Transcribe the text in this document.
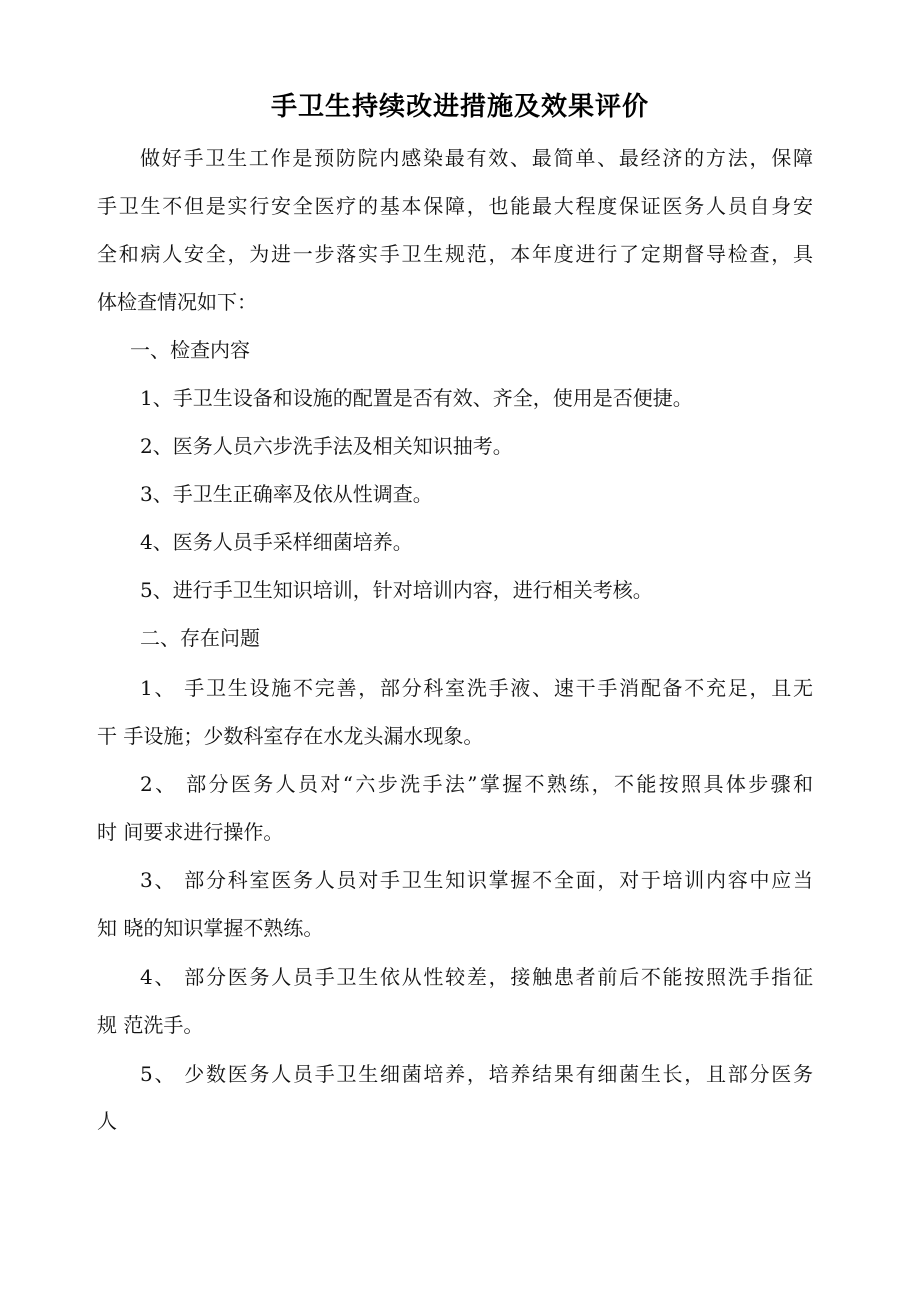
手卫生持续改进措施及效果评价
做好手卫生工作是预防院内感染最有效、最简单、最经济的方法，保障
手卫生不但是实行安全医疗的基本保障，也能最大程度保证医务人员自身安
全和病人安全，为进一步落实手卫生规范，本年度进行了定期督导检查，具
体检查情况如下：
一、检查内容
1、手卫生设备和设施的配置是否有效、齐全，使用是否便捷。
2、医务人员六步洗手法及相关知识抽考。
3、手卫生正确率及依从性调查。
4、医务人员手采样细菌培养。
5、进行手卫生知识培训，针对培训内容，进行相关考核。
二、存在问题
1、 手卫生设施不完善，部分科室洗手液、速干手消配备不充足，且无
干 手设施；少数科室存在水龙头漏水现象。
2、 部分医务人员对“六步洗手法”掌握不熟练，不能按照具体步骤和
时 间要求进行操作。
3、 部分科室医务人员对手卫生知识掌握不全面，对于培训内容中应当
知 晓的知识掌握不熟练。
4、 部分医务人员手卫生依从性较差，接触患者前后不能按照洗手指征
规 范洗手。
5、 少数医务人员手卫生细菌培养，培养结果有细菌生长，且部分医务
人
